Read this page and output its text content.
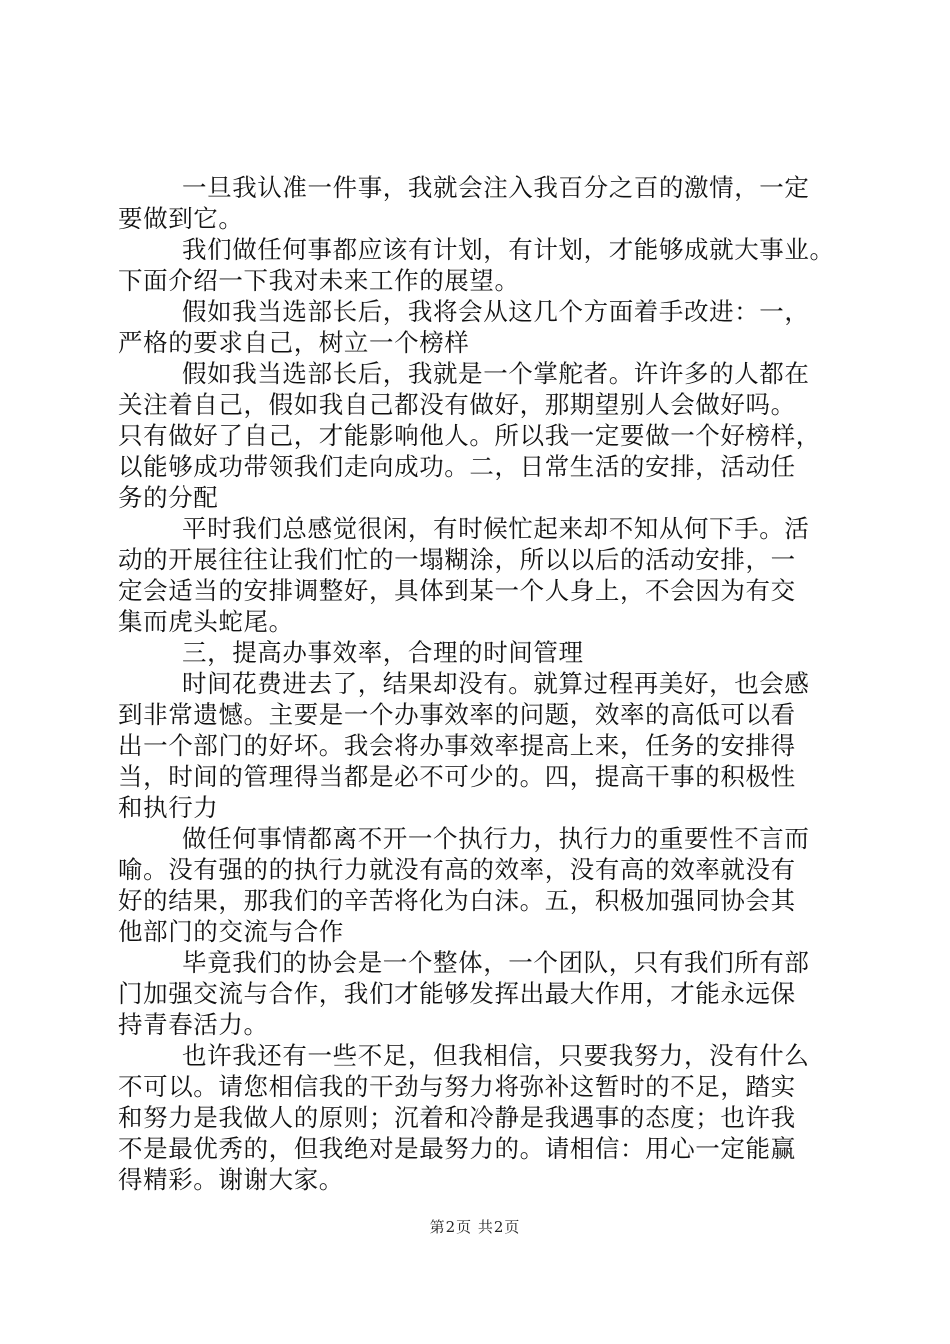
一旦我认准一件事，我就会注入我百分之百的激情，一定
要做到它。
我们做任何事都应该有计划，有计划，才能够成就大事业。
下面介绍一下我对未来工作的展望。
假如我当选部长后，我将会从这几个方面着手改进：一，
严格的要求自己，树立一个榜样
假如我当选部长后，我就是一个掌舵者。许许多的人都在
关注着自己，假如我自己都没有做好，那期望别人会做好吗。
只有做好了自己，才能影响他人。所以我一定要做一个好榜样，
以能够成功带领我们走向成功。二，日常生活的安排，活动任
务的分配
平时我们总感觉很闲，有时候忙起来却不知从何下手。活
动的开展往往让我们忙的一塌糊涂，所以以后的活动安排，一
定会适当的安排调整好，具体到某一个人身上，不会因为有交
集而虎头蛇尾。
三，提高办事效率，合理的时间管理
时间花费进去了，结果却没有。就算过程再美好，也会感
到非常遗憾。主要是一个办事效率的问题，效率的高低可以看
出一个部门的好坏。我会将办事效率提高上来，任务的安排得
当，时间的管理得当都是必不可少的。四，提高干事的积极性
和执行力
做任何事情都离不开一个执行力，执行力的重要性不言而
喻。没有强的的执行力就没有高的效率，没有高的效率就没有
好的结果，那我们的辛苦将化为白沫。五，积极加强同协会其
他部门的交流与合作
毕竟我们的协会是一个整体，一个团队，只有我们所有部
门加强交流与合作，我们才能够发挥出最大作用，才能永远保
持青春活力。
也许我还有一些不足，但我相信，只要我努力，没有什么
不可以。请您相信我的干劲与努力将弥补这暂时的不足，踏实
和努力是我做人的原则；沉着和冷静是我遇事的态度；也许我
不是最优秀的，但我绝对是最努力的。请相信：用心一定能赢
得精彩。谢谢大家。
第2页 共2页
